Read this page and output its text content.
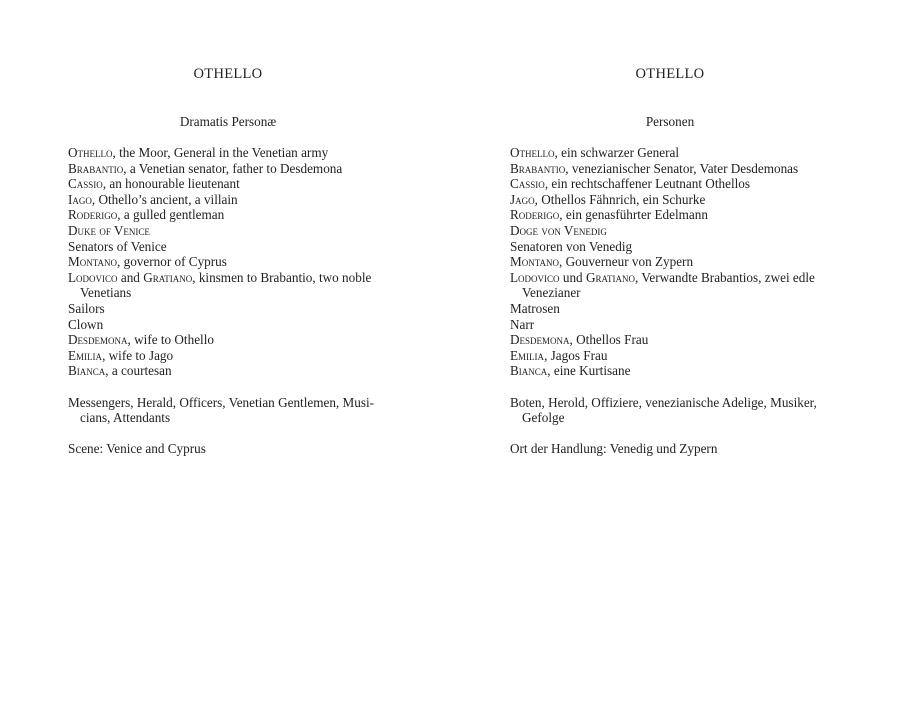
OTHELLO
Dramatis Personæ
Othello, the Moor, General in the Venetian army
Brabantio, a Venetian senator, father to Desdemona
Cassio, an honourable lieutenant
Iago, Othello’s ancient, a villain
Roderigo, a gulled gentleman
Duke of Venice
Senators of Venice
Montano, governor of Cyprus
Lodovico and Gratiano, kinsmen to Brabantio, two noble Venetians
Sailors
Clown
Desdemona, wife to Othello
Emilia, wife to Jago
Bianca, a courtesan
Messengers, Herald, Officers, Venetian Gentlemen, Musi- cians, Attendants
Scene: Venice and Cyprus
OTHELLO
Personen
Othello, ein schwarzer General
Brabantio, venezianischer Senator, Vater Desdemonas
Cassio, ein rechtschaffener Leutnant Othellos
Jago, Othellos Fähnrich, ein Schurke
Roderigo, ein genasführter Edelmann
Doge von Venedig
Senatoren von Venedig
Montano, Gouverneur von Zypern
Lodovico und Gratiano, Verwandte Brabantios, zwei edle Venezianer
Matrosen
Narr
Desdemona, Othellos Frau
Emilia, Jagos Frau
Bianca, eine Kurtisane
Boten, Herold, Offiziere, venezianische Adelige, Musiker, Gefolge
Ort der Handlung: Venedig und Zypern
